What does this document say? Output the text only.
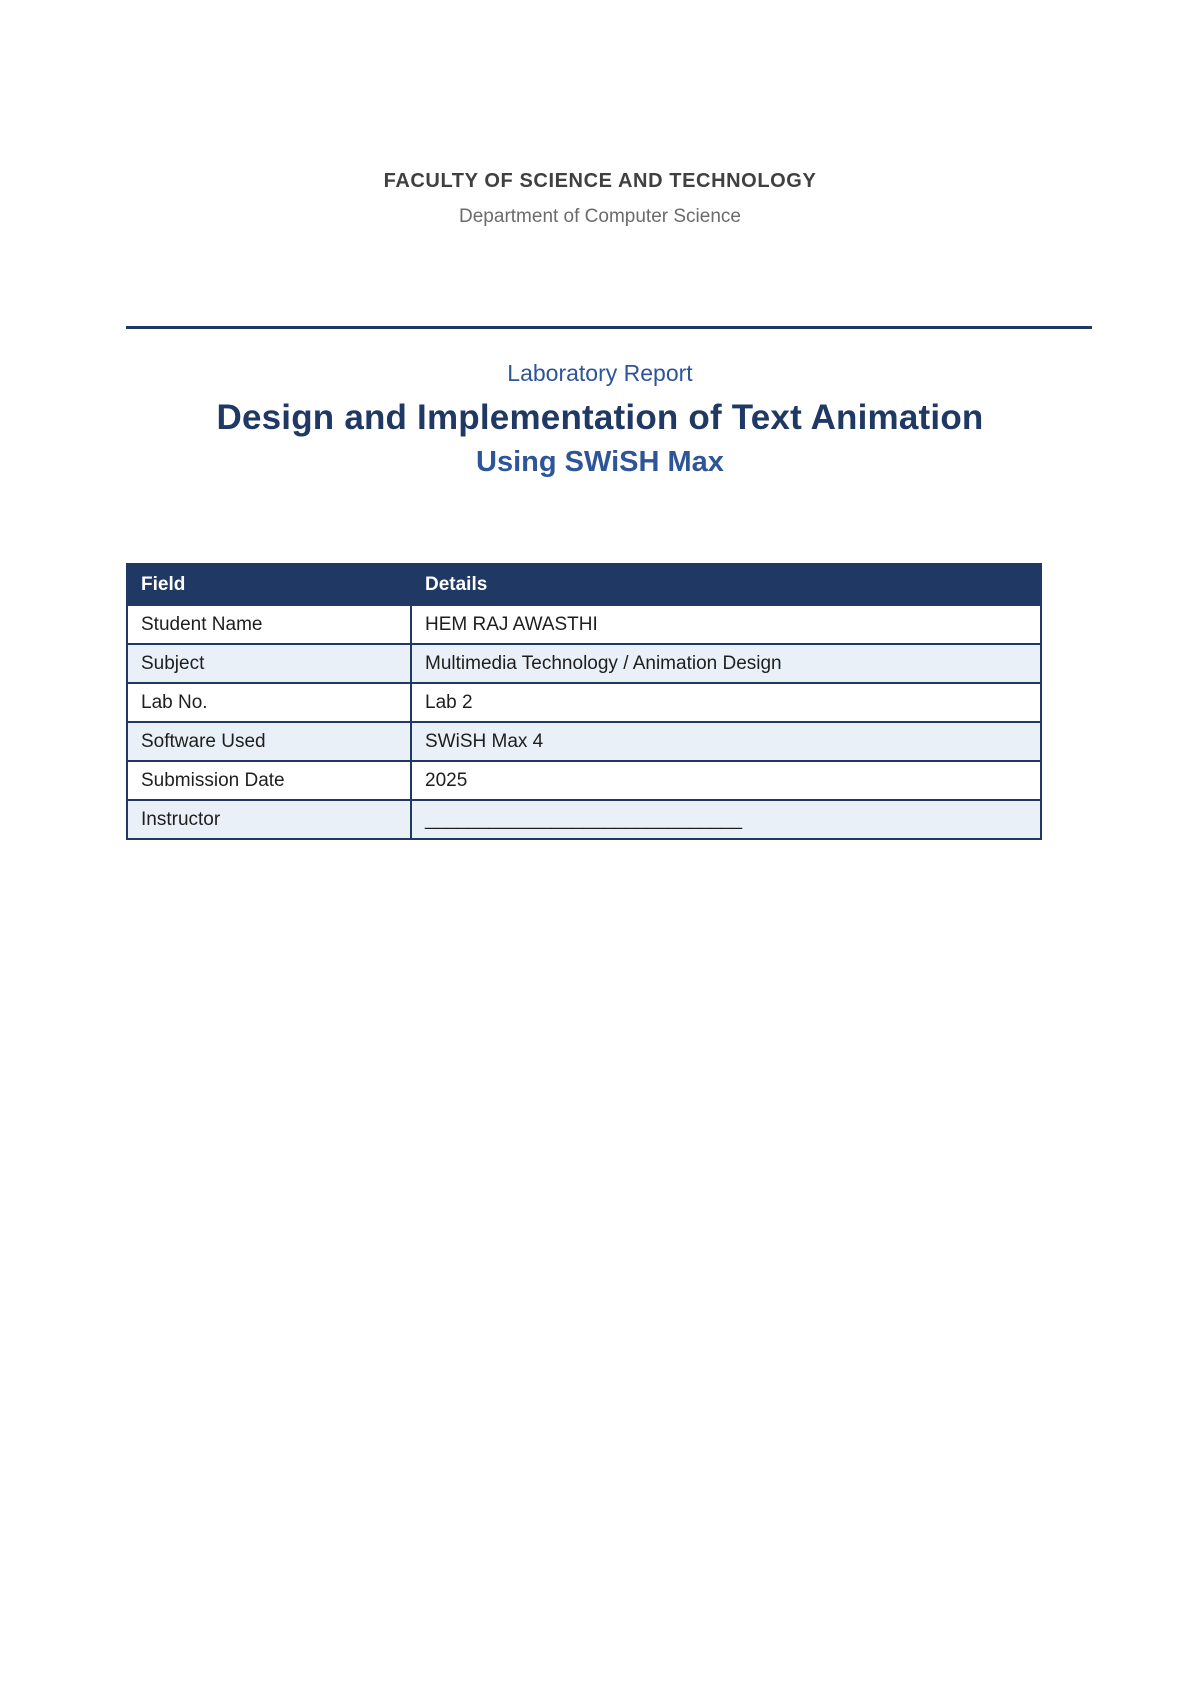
FACULTY OF SCIENCE AND TECHNOLOGY
Department of Computer Science
Laboratory Report
Design and Implementation of Text Animation
Using SWiSH Max
Field	Details
Student Name	HEM RAJ AWASTHI
Subject	Multimedia Technology / Animation Design
Lab No.	Lab 2
Software Used	SWiSH Max 4
Submission Date	2025
Instructor	______________________________
